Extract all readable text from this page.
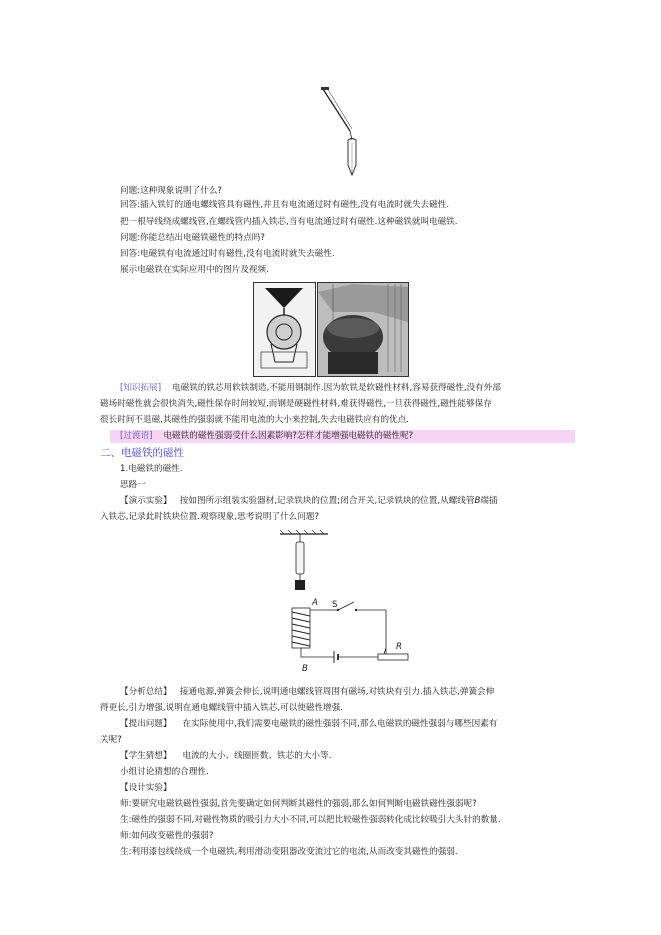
问题:这种现象说明了什么?
回答:插入铁钉的通电螺线管具有磁性,并且有电流通过时有磁性,没有电流时就失去磁性.
把一根导线绕成螺线管,在螺线管内插入铁芯,当有电流通过时有磁性.这种磁铁就叫电磁铁.
问题:你能总结出电磁铁磁性的特点吗?
回答:电磁铁有电流通过时有磁性,没有电流时就失去磁性.
展示电磁铁在实际应用中的图片及视频.
[知识拓展] 电磁铁的铁芯用软铁制造,不能用钢制作.因为软铁是软磁性材料,容易获得磁性,没有外部
磁场时磁性就会很快消失,磁性保存时间较短.而钢是硬磁性材料,难获得磁性,一旦获得磁性,磁性能够保存
很长时间不退磁,其磁性的强弱就不能用电流的大小来控制,失去电磁铁应有的优点.
[过渡语] 电磁铁的磁性强弱受什么因素影响?怎样才能增强电磁铁的磁性呢?
二、电磁铁的磁性
1.电磁铁的磁性.
思路一
【演示实验】 按如图所示组装实验器材,记录铁块的位置;闭合开关,记录铁块的位置,从螺线管B端插
入铁芯,记录此时铁块位置.观察现象,思考说明了什么问题?
A S
R
B
【分析总结】 接通电源,弹簧会伸长,说明通电螺线管周围有磁场,对铁块有引力.插入铁芯,弹簧会伸
得更长,引力增强,说明在通电螺线管中插入铁芯,可以使磁性增强.
【提出问题】 在实际使用中,我们需要电磁铁的磁性强弱不同,那么电磁铁的磁性强弱与哪些因素有
关呢?
【学生猜想】 电流的大小、线圈匝数、铁芯的大小等.
小组讨论猜想的合理性.
【设计实验】
师:要研究电磁铁磁性强弱,首先要确定如何判断其磁性的强弱,那么如何判断电磁铁磁性强弱呢?
生:磁性的强弱不同,对磁性物质的吸引力大小不同,可以把比较磁性强弱转化成比较吸引大头针的数量.
师:如何改变磁性的强弱?
生:利用漆包线绕成一个电磁铁,利用滑动变阻器改变流过它的电流,从而改变其磁性的强弱.
